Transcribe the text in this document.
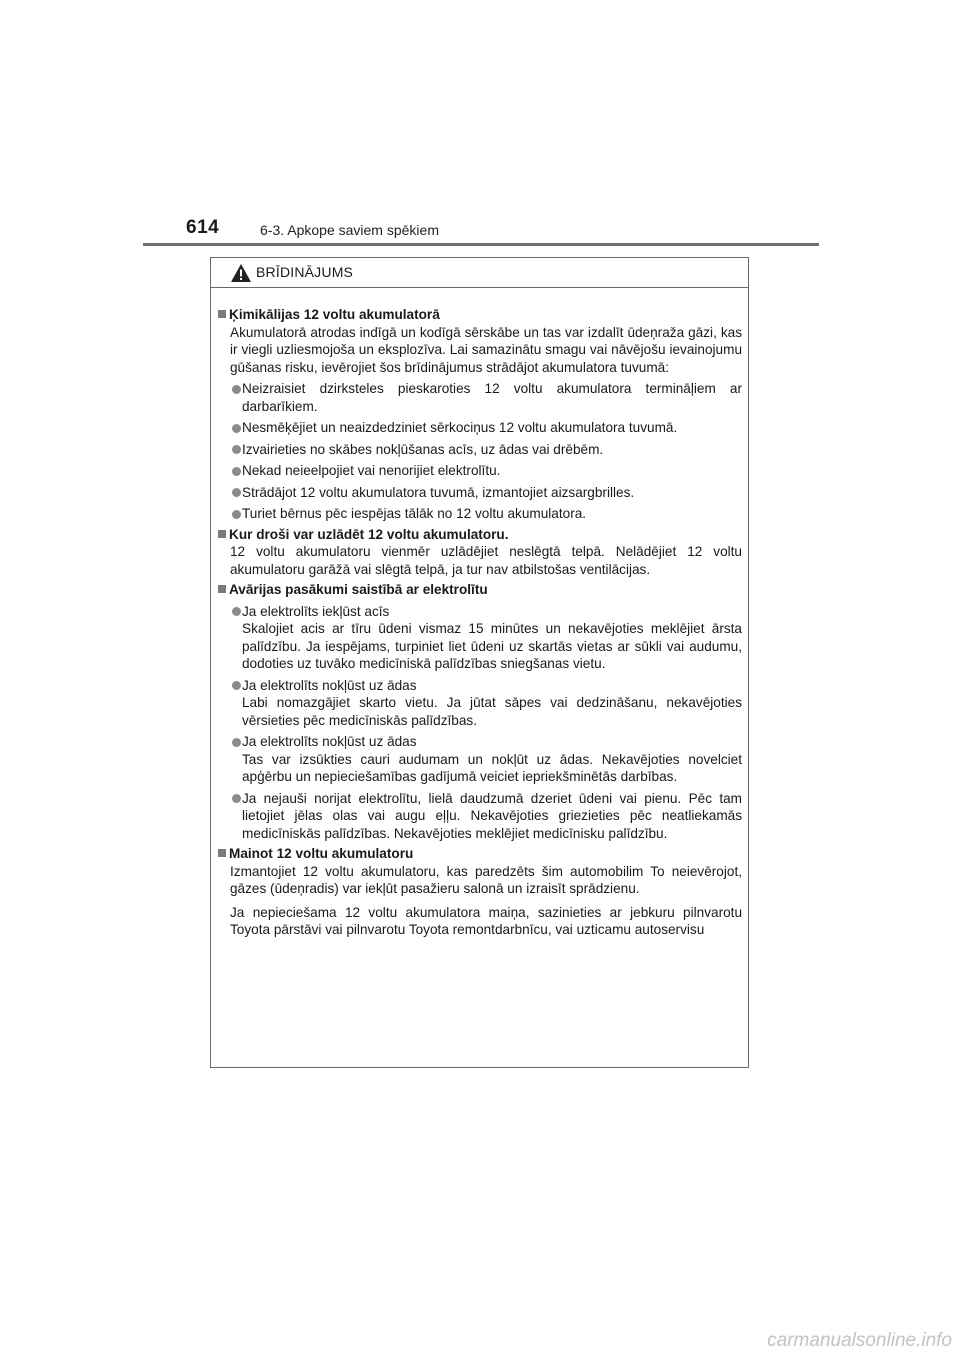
614	6-3. Apkope saviem spēkiem
BRĪDINĀJUMS
Ķimikālijas 12 voltu akumulatorā

Akumulatorā atrodas indīgā un kodīgā sērskābe un tas var izdalīt ūdeņraža gāzi, kas ir viegli uzliesmojoša un eksplozīva. Lai samazinātu smagu vai nāvējošu ievainojumu gūšanas risku, ievērojiet šos brīdinājumus strādājot akumulatora tuvumā:

Neizraisiet dzirksteles pieskaroties 12 voltu akumulatora termināļiem ar darbarīkiem.
Nesmēķējiet un neaizdedziniet sērkociņus 12 voltu akumulatora tuvumā.
Izvairieties no skābes nokļūšanas acīs, uz ādas vai drēbēm.
Nekad neieelpojiet vai nenorijiet elektrolītu.
Strādājot 12 voltu akumulatora tuvumā, izmantojiet aizsargbrilles.
Turiet bērnus pēc iespējas tālāk no 12 voltu akumulatora.
Kur droši var uzlādēt 12 voltu akumulatoru.

12 voltu akumulatoru vienmēr uzlādējiet neslēgtā telpā. Nelādējiet 12 voltu akumulatoru garāžā vai slēgtā telpā, ja tur nav atbilstošas ventilācijas.

Avārijas pasākumi saistībā ar elektrolītu
Ja elektrolīts iekļūst acīs
Skalojiet acis ar tīru ūdeni vismaz 15 minūtes un nekavējoties meklējiet ārsta palīdzību. Ja iespējams, turpiniet liet ūdeni uz skartās vietas ar sūkli vai audumu, dodoties uz tuvāko medicīniskā palīdzības sniegšanas vietu.
Ja elektrolīts nokļūst uz ādas
Labi nomazgājiet skarto vietu. Ja jūtat sāpes vai dedzināšanu, nekavējoties vērsieties pēc medicīniskās palīdzības.
Ja elektrolīts nokļūst uz ādas
Tas var izsūkties cauri audumam un nokļūt uz ādas. Nekavējoties novelciet apģērbu un nepieciešamības gadījumā veiciet iepriekšminētās darbības.
Ja nejauši norijat elektrolītu, lielā daudzumā dzeriet ūdeni vai pienu. Pēc tam lietojiet jēlas olas vai augu eļļu. Nekavējoties griezieties pēc neatliekamās medicīniskās palīdzības. Nekavējoties meklējiet medicīnisku palīdzību.
Mainot 12 voltu akumulatoru

Izmantojiet 12 voltu akumulatoru, kas paredzēts šim automobilim To neievērojot, gāzes (ūdeņradis) var iekļūt pasažieru salonā un izraisīt sprādzienu.

Ja nepieciešama 12 voltu akumulatora maiņa, sazinieties ar jebkuru pilnvarotu Toyota pārstāvi vai pilnvarotu Toyota remontdarbnīcu, vai uzticamu autoservisu

carmanualsonline.info
